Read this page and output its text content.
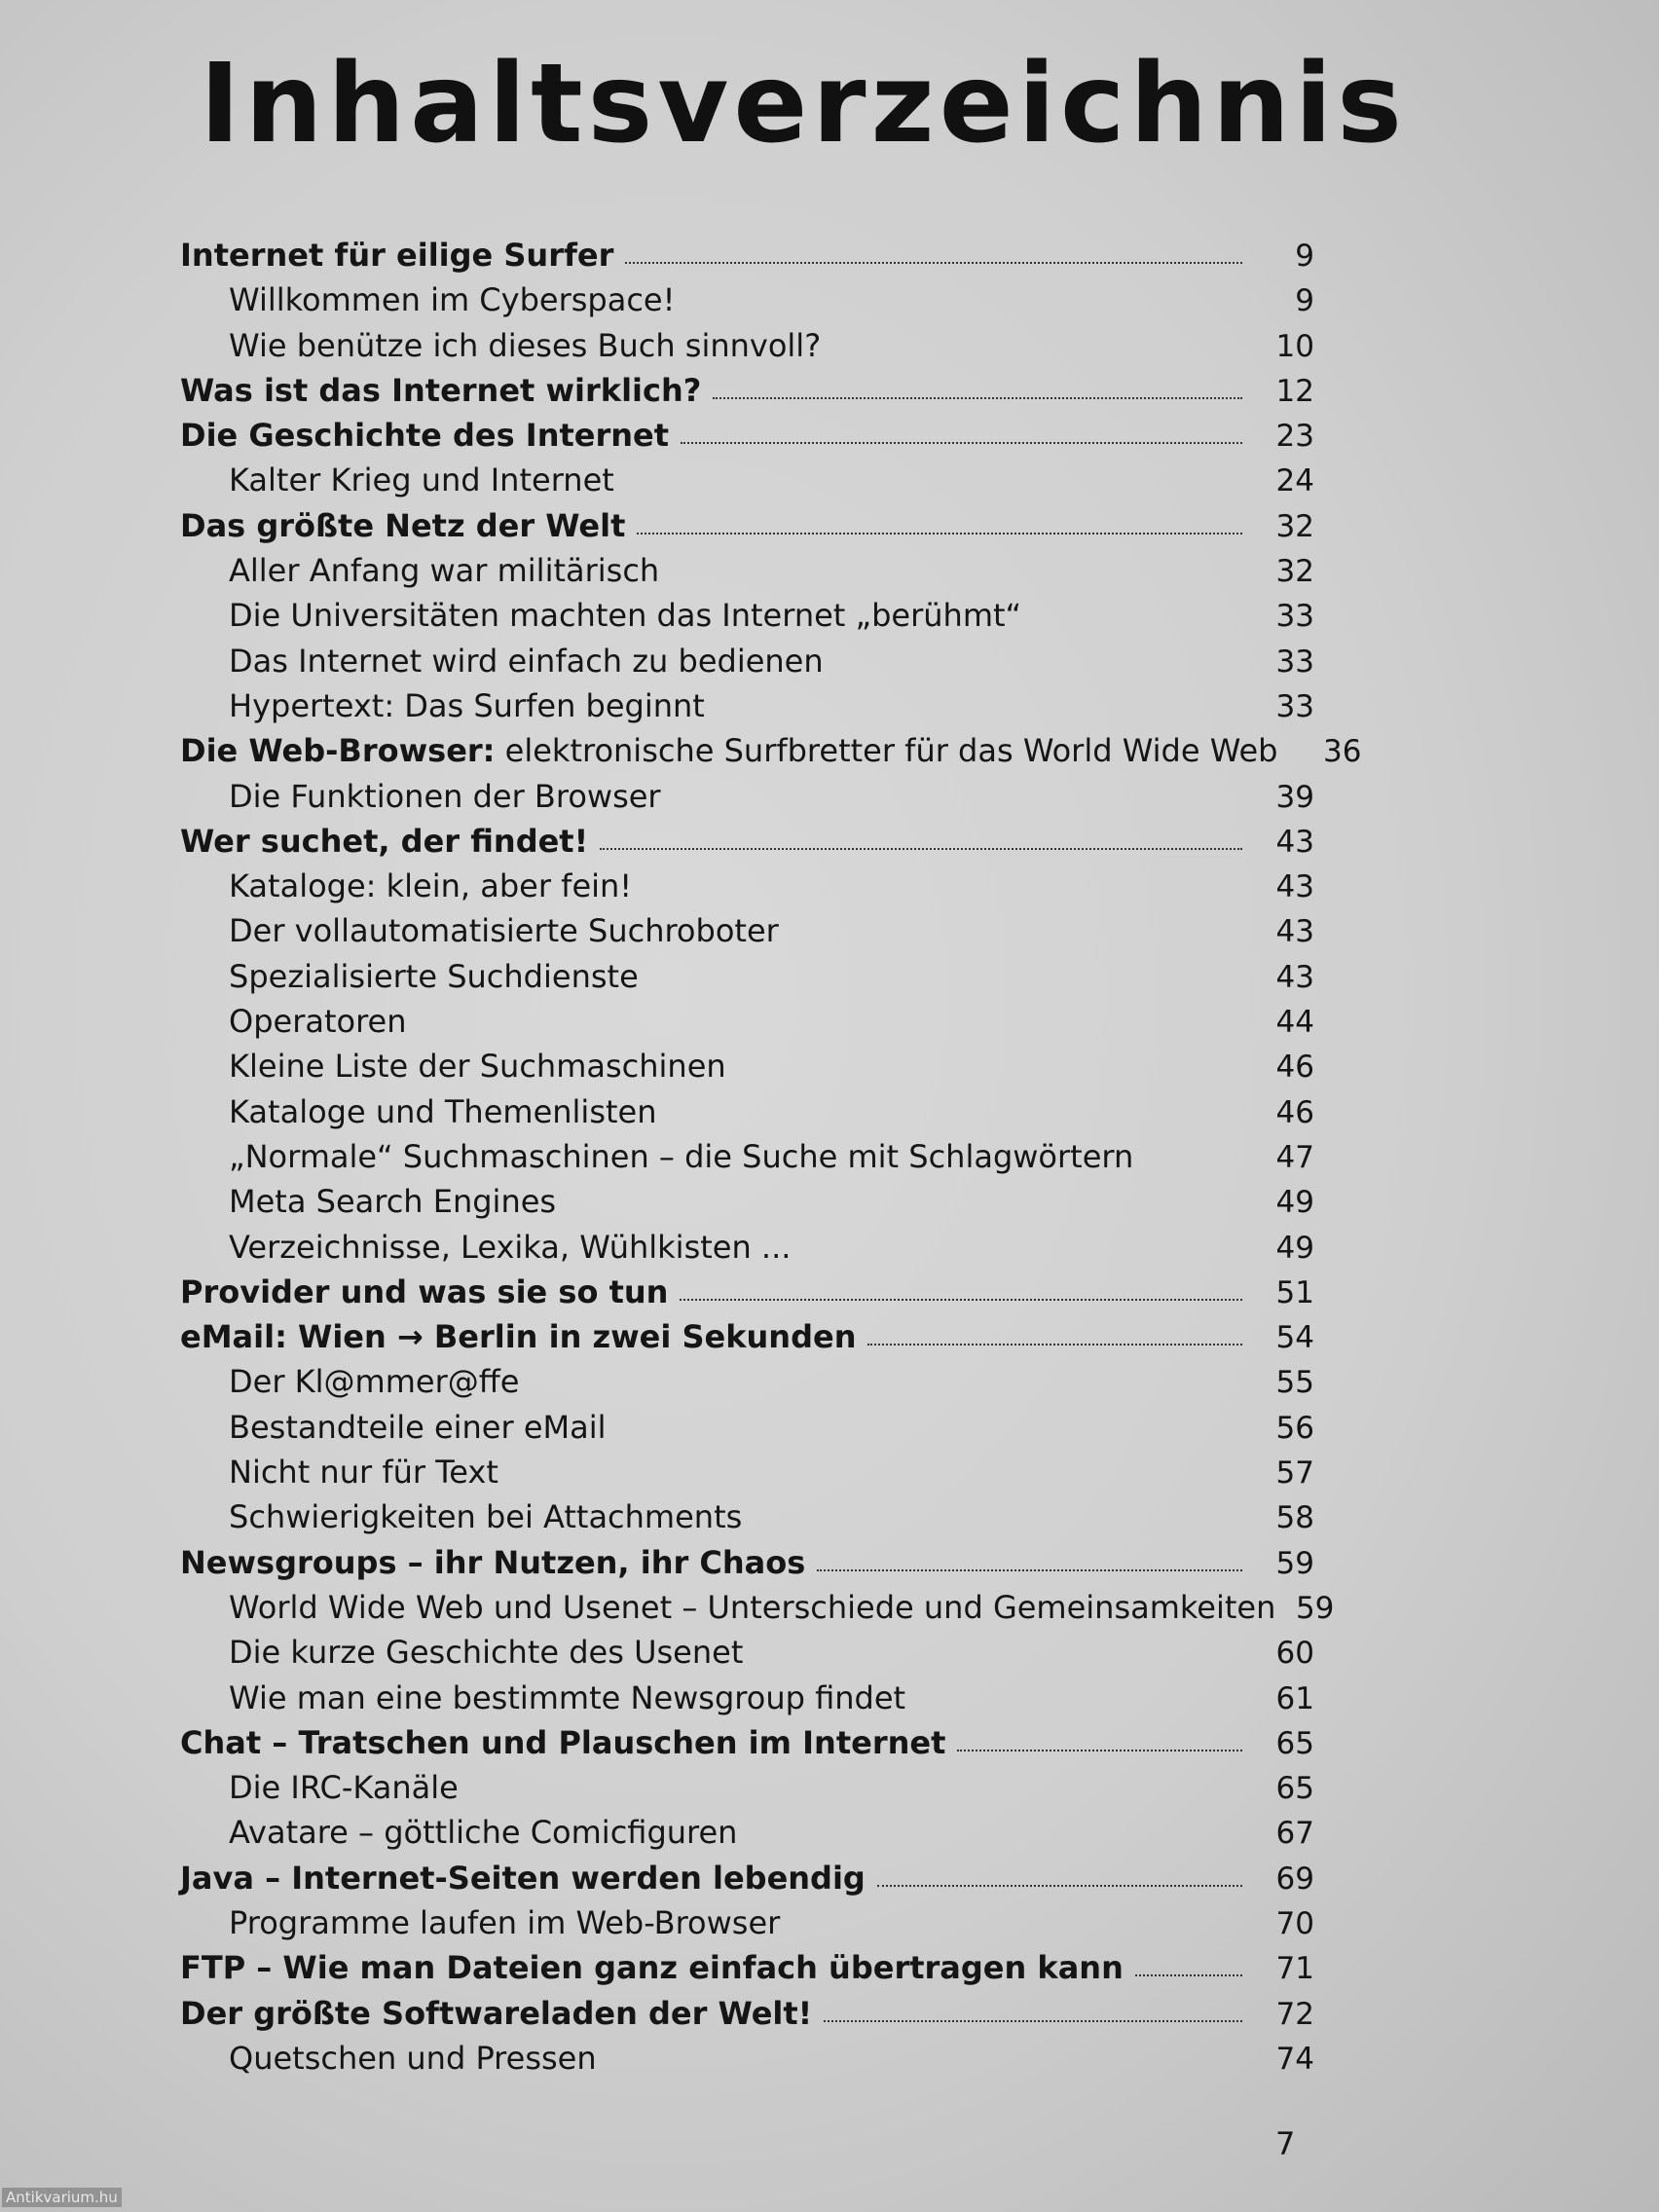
Inhaltsverzeichnis
Internet für eilige Surfer	9
Willkommen im Cyberspace!	9
Wie benütze ich dieses Buch sinnvoll?	10
Was ist das Internet wirklich?	12
Die Geschichte des Internet	23
Kalter Krieg und Internet	24
Das größte Netz der Welt	32
Aller Anfang war militärisch	32
Die Universitäten machten das Internet „berühmt“	33
Das Internet wird einfach zu bedienen	33
Hypertext: Das Surfen beginnt	33
Die Web-Browser: elektronische Surfbretter für das World Wide Web	36
Die Funktionen der Browser	39
Wer suchet, der findet!	43
Kataloge: klein, aber fein!	43
Der vollautomatisierte Suchroboter	43
Spezialisierte Suchdienste	43
Operatoren	44
Kleine Liste der Suchmaschinen	46
Kataloge und Themenlisten	46
„Normale“ Suchmaschinen – die Suche mit Schlagwörtern	47
Meta Search Engines	49
Verzeichnisse, Lexika, Wühlkisten ...	49
Provider und was sie so tun	51
eMail: Wien → Berlin in zwei Sekunden	54
Der Kl@mmer@ffe	55
Bestandteile einer eMail	56
Nicht nur für Text	57
Schwierigkeiten bei Attachments	58
Newsgroups – ihr Nutzen, ihr Chaos	59
World Wide Web und Usenet – Unterschiede und Gemeinsamkeiten 59
Die kurze Geschichte des Usenet	60
Wie man eine bestimmte Newsgroup findet	61
Chat – Tratschen und Plauschen im Internet	65
Die IRC-Kanäle	65
Avatare – göttliche Comicfiguren	67
Java – Internet-Seiten werden lebendig	69
Programme laufen im Web-Browser	70
FTP – Wie man Dateien ganz einfach übertragen kann	71
Der größte Softwareladen der Welt!	72
Quetschen und Pressen	74
7
Antikvarium.hu
